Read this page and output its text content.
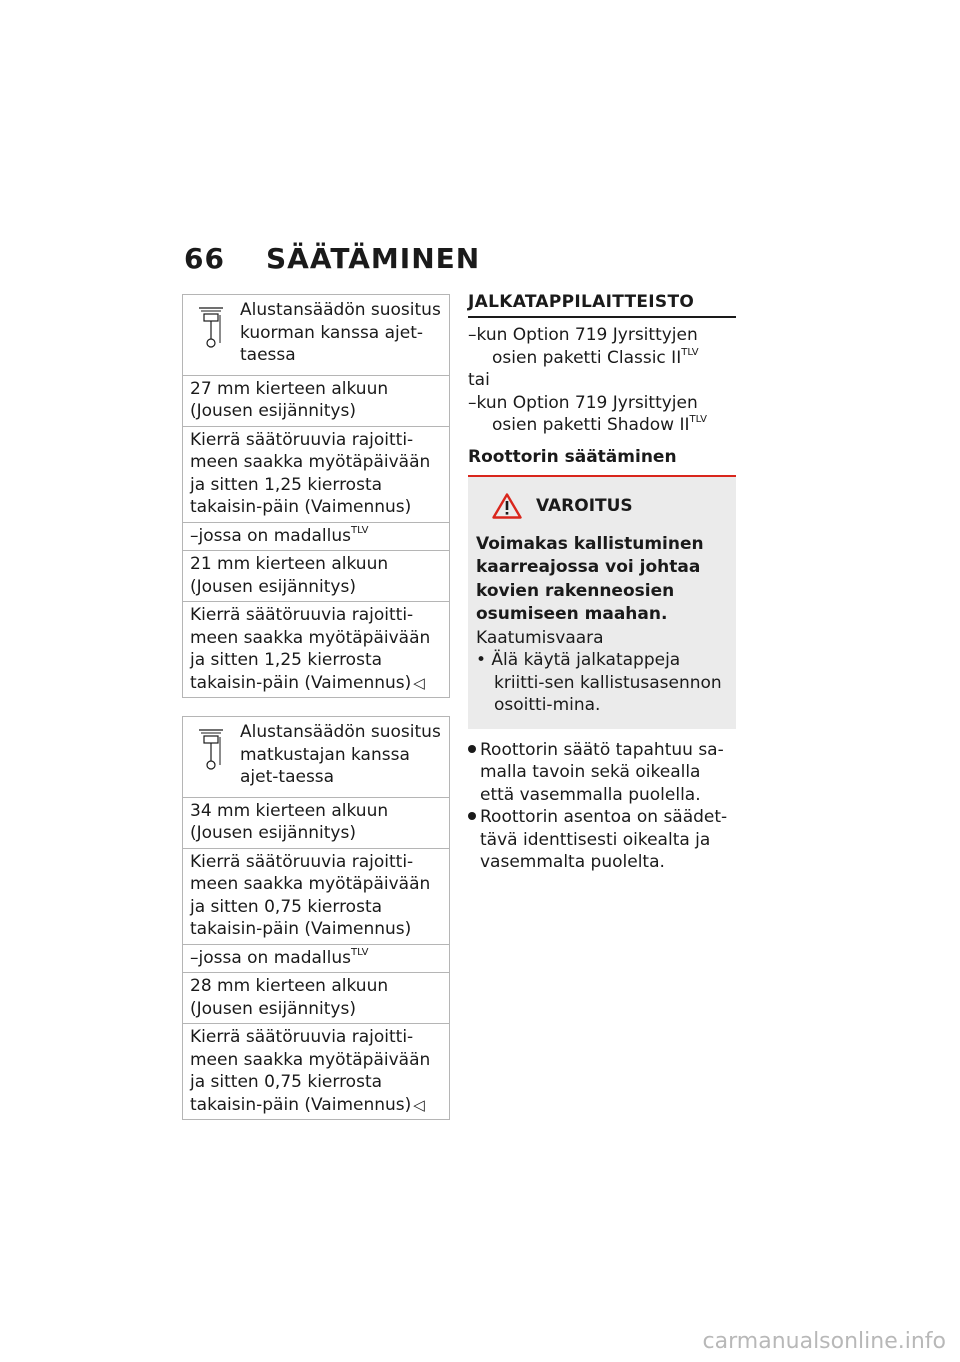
66 SÄÄTÄMINEN
Alustansäädön suositus kuorman kanssa ajet-taessa
27 mm kierteen alkuun (Jousen esijännitys)
Kierrä säätöruuvia rajoitti-meen saakka myötäpäivään ja sitten 1,25 kierrosta takaisin-päin (Vaimennus)
–jossa on madallus$^{TLV}$
21 mm kierteen alkuun (Jousen esijännitys)
Kierrä säätöruuvia rajoitti-meen saakka myötäpäivään ja sitten 1,25 kierrosta takaisin-päin (Vaimennus) ◁
Alustansäädön suositus matkustajan kanssa ajet-taessa
34 mm kierteen alkuun (Jousen esijännitys)
Kierrä säätöruuvia rajoitti-meen saakka myötäpäivään ja sitten 0,75 kierrosta takaisin-päin (Vaimennus)
–jossa on madallus$^{TLV}$
28 mm kierteen alkuun (Jousen esijännitys)
Kierrä säätöruuvia rajoitti-meen saakka myötäpäivään ja sitten 0,75 kierrosta takaisin-päin (Vaimennus) ◁
JALKATAPPILAITTEISTO
–kun Option 719 Jyrsittyjen osien paketti Classic $II^{TLV}$
tai
–kun Option 719 Jyrsittyjen osien paketti Shadow $II^{TLV}$
Roottorin säätäminen
VAROITUS
Voimakas kallistuminen kaarreajossa voi johtaa kovien rakenneosien osumiseen maahan.
Kaatumisvaara
• Älä käytä jalkatappeja kriitti-sen kallistusasennon osoitti-mina.
Roottorin säätö tapahtuu sa-malla tavoin sekä oikealla että vasemmalla puolella.
Roottorin asentoa on säädet-tävä identtisesti oikealta ja vasemmalta puolelta.
carmanualsonline.info
